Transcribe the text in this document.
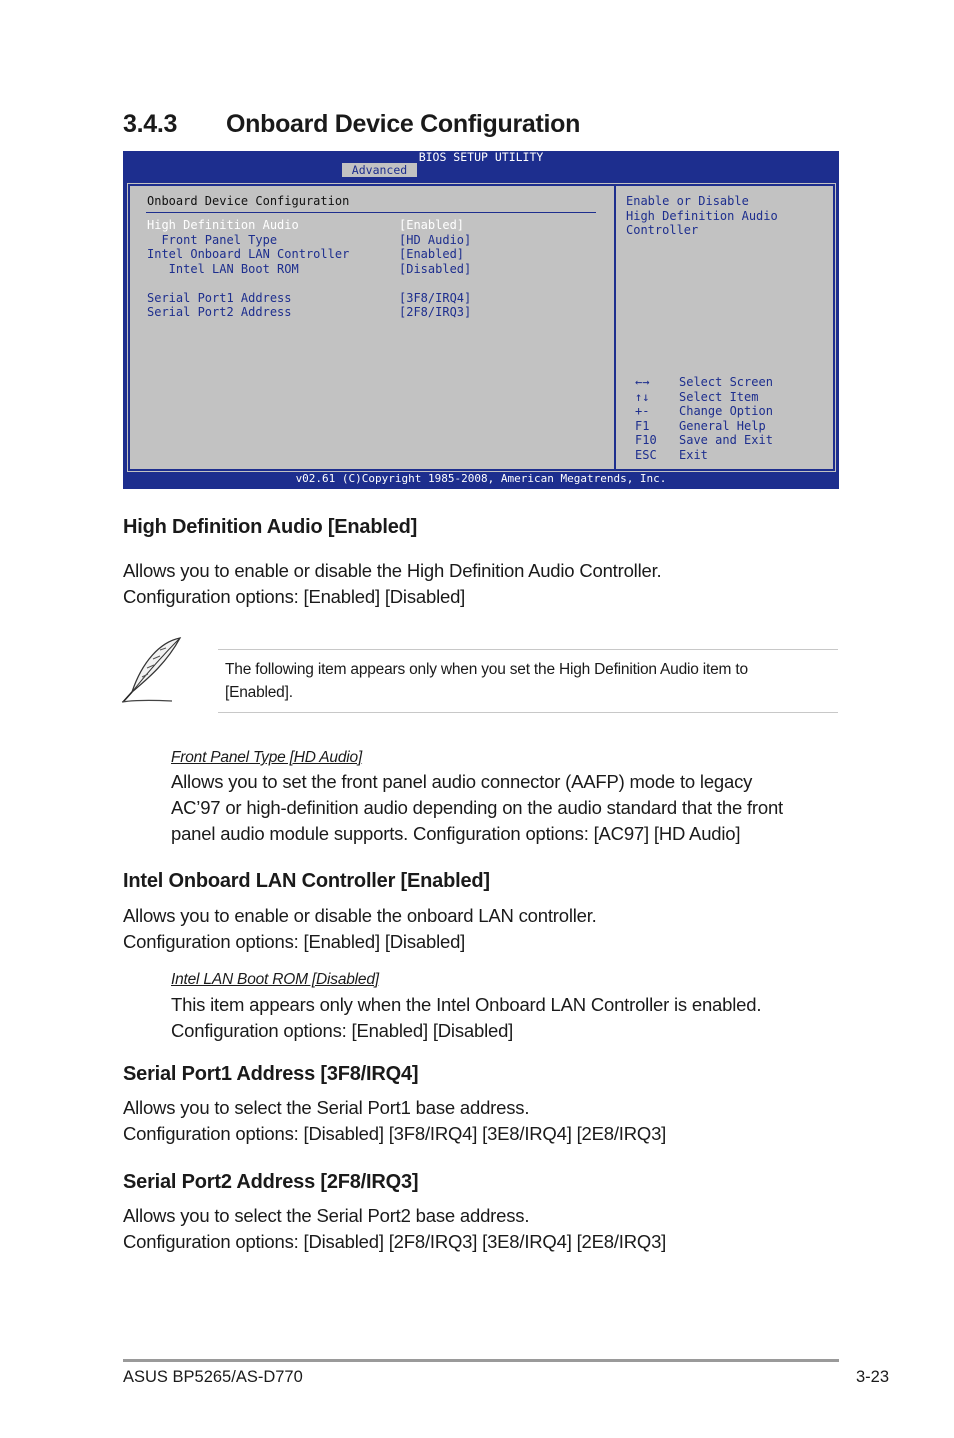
3.4.3 Onboard Device Configuration
BIOS SETUP UTILITY
Advanced
Onboard Device Configuration
High Definition Audio	[Enabled]
Front Panel Type	[HD Audio]
Intel Onboard LAN Controller	[Enabled]
Intel LAN Boot ROM	[Disabled]
Serial Port1 Address	[3F8/IRQ4]
Serial Port2 Address	[2F8/IRQ3]
Enable or Disable
High Definition Audio
Controller
←→ Select Screen
↑↓ Select Item
+- Change Option
F1 General Help
F10 Save and Exit
ESC Exit
v02.61 (C)Copyright 1985-2008, American Megatrends, Inc.
High Definition Audio [Enabled]
Allows you to enable or disable the High Definition Audio Controller.
Configuration options: [Enabled] [Disabled]
The following item appears only when you set the High Definition Audio item to
[Enabled].
Front Panel Type [HD Audio]
Allows you to set the front panel audio connector (AAFP) mode to legacy
AC’97 or high-definition audio depending on the audio standard that the front
panel audio module supports. Configuration options: [AC97] [HD Audio]
Intel Onboard LAN Controller [Enabled]
Allows you to enable or disable the onboard LAN controller.
Configuration options: [Enabled] [Disabled]
Intel LAN Boot ROM [Disabled]
This item appears only when the Intel Onboard LAN Controller is enabled.
Configuration options: [Enabled] [Disabled]
Serial Port1 Address [3F8/IRQ4]
Allows you to select the Serial Port1 base address.
Configuration options: [Disabled] [3F8/IRQ4] [3E8/IRQ4] [2E8/IRQ3]
Serial Port2 Address [2F8/IRQ3]
Allows you to select the Serial Port2 base address.
Configuration options: [Disabled] [2F8/IRQ3] [3E8/IRQ4] [2E8/IRQ3]
ASUS BP5265/AS-D770	3-23
